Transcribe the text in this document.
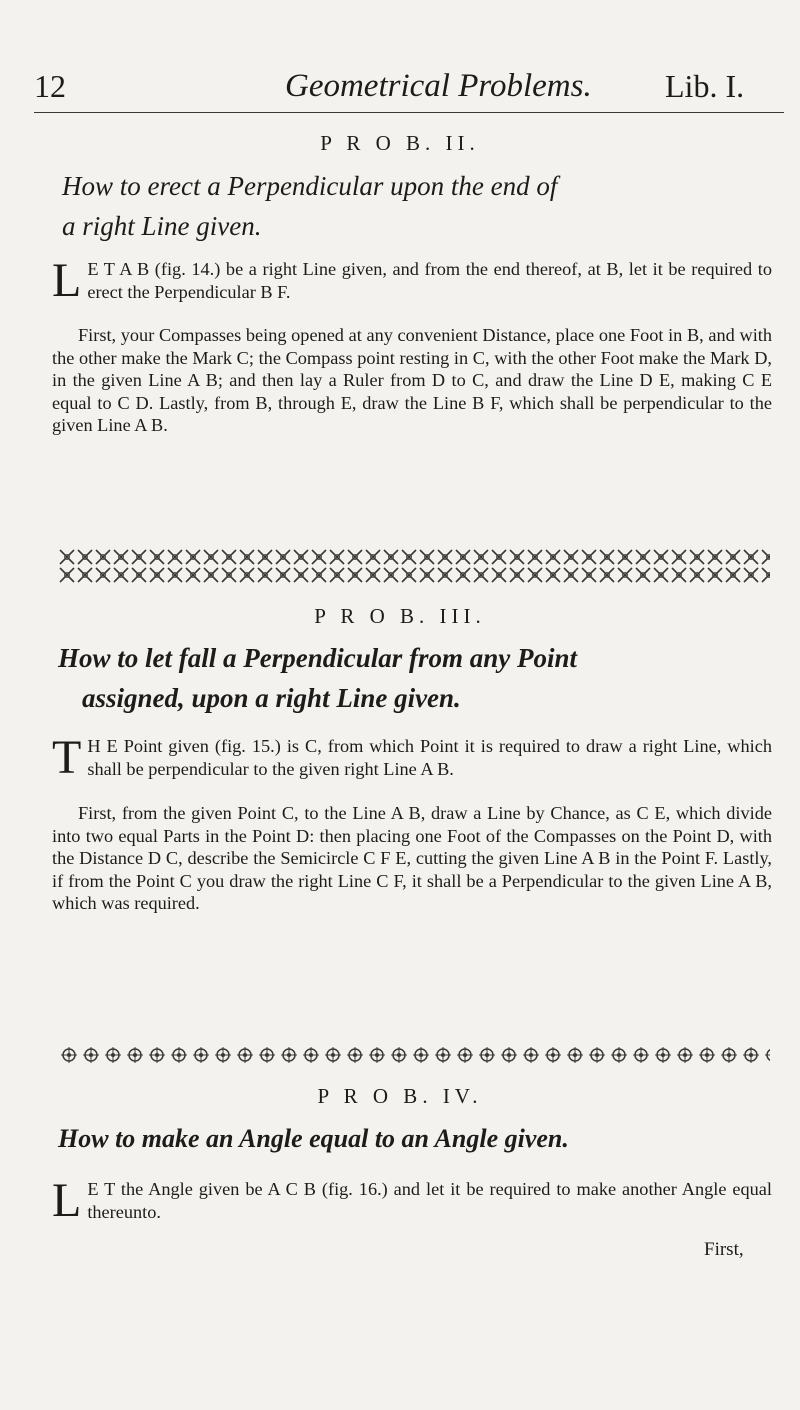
12	Geometrical Problems. Lib. I.
P R O B. II.
How to erect a Perpendicular upon the end of
a right Line given.
L E T A B (fig. 14.) be a right Line given, and from the end thereof, at B, let it be required to erect the Perpendicular B F.
First, your Compasses being opened at any convenient Distance, place one Foot in B, and with the other make the Mark C; the Compass point resting in C, with the other Foot make the Mark D, in the given Line A B; and then lay a Ruler from D to C, and draw the Line D E, making C E equal to C D. Lastly, from B, through E, draw the Line B F, which shall be perpendicular to the given Line A B.
P R O B. III.
How to let fall a Perpendicular from any Point
assigned, upon a right Line given.
T H E Point given (fig. 15.) is C, from which Point it is required to draw a right Line, which shall be perpendicular to the given right Line A B.
First, from the given Point C, to the Line A B, draw a Line by Chance, as C E, which divide into two equal Parts in the Point D: then placing one Foot of the Compasses on the Point D, with the Distance D C, describe the Semicircle C F E, cutting the given Line A B in the Point F. Lastly, if from the Point C you draw the right Line C F, it shall be a Perpendicular to the given Line A B, which was required.
P R O B. IV.
How to make an Angle equal to an Angle given.
L E T the Angle given be A C B (fig. 16.) and let it be required to make another Angle equal thereunto.
First,
